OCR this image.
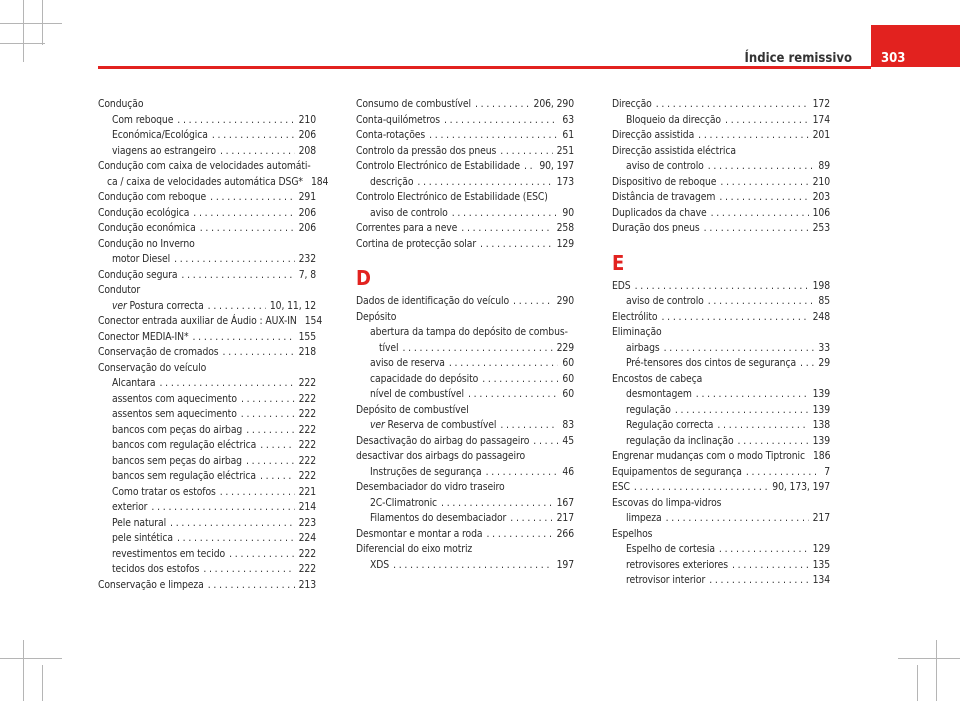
Índice remissivo 303
Condução
Com reboque . . .	210
Económica/Ecológica . . .	206
viagens ao estrangeiro . . .	208
Condução com caixa de velocidades automáti-
ca / caixa de velocidades automática DSG* 184
Condução com reboque . . .	291
Condução ecológica . . .	206
Condução económica . . .	206
Condução no Inverno
motor Diesel . . .	232
Condução segura . . .	7, 8
Condutor
ver Postura correcta . . .	10, 11, 12
Conector entrada auxiliar de Áudio : AUX-IN 154
Conector MEDIA-IN* . . .	155
Conservação de cromados . . .	218
Conservação do veículo
Alcantara . . .	222
assentos com aquecimento . . .	222
assentos sem aquecimento . . .	222
bancos com peças do airbag . . .	222
bancos com regulação eléctrica . . .	222
bancos sem peças do airbag . . .	222
bancos sem regulação eléctrica . . .	222
Como tratar os estofos . . .	221
exterior . . .	214
Pele natural . . .	223
pele sintética . . .	224
revestimentos em tecido . . .	222
tecidos dos estofos . . .	222
Conservação e limpeza . . .	213
Consumo de combustível . . .	206, 290
Conta-quilómetros . . .	63
Conta-rotações . . .	61
Controlo da pressão dos pneus . . .	251
Controlo Electrónico de Estabilidade . . . 90, 197
descrição . . .	173
Controlo Electrónico de Estabilidade (ESC)
aviso de controlo . . .	90
Correntes para a neve . . .	258
Cortina de protecção solar . . .	129
D
Dados de identificação do veículo . . .	290
Depósito
abertura da tampa do depósito de combus-
tível . . .	229
aviso de reserva . . .	60
capacidade do depósito . . .	60
nível de combustível . . .	60
Depósito de combustível
ver Reserva de combustível . . .	83
Desactivação do airbag do passageiro . . .	45
desactivar dos airbags do passageiro
Instruções de segurança . . .	46
Desembaciador do vidro traseiro
2C-Climatronic . . .	167
Filamentos do desembaciador . . .	217
Desmontar e montar a roda . . .	266
Diferencial do eixo motriz
XDS . . .	197
Direcção . . .	172
Bloqueio da direcção . . .	174
Direcção assistida . . .	201
Direcção assistida eléctrica
aviso de controlo . . .	89
Dispositivo de reboque . . .	210
Distância de travagem . . .	203
Duplicados da chave . . .	106
Duração dos pneus . . .	253
E
EDS . . .	198
aviso de controlo . . .	85
Electrólito . . .	248
Eliminação
airbags . . .	33
Pré-tensores dos cintos de segurança . . . 29
Encostos de cabeça
desmontagem . . .	139
regulação . . .	139
Regulação correcta . . .	138
regulação da inclinação . . .	139
Engrenar mudanças com o modo Tiptronic 186
Equipamentos de segurança . . .	7
ESC . . .	90, 173, 197
Escovas do limpa-vidros
limpeza . . .	217
Espelhos
Espelho de cortesia . . .	129
retrovisores exteriores . . .	135
retrovisor interior . . .	134
